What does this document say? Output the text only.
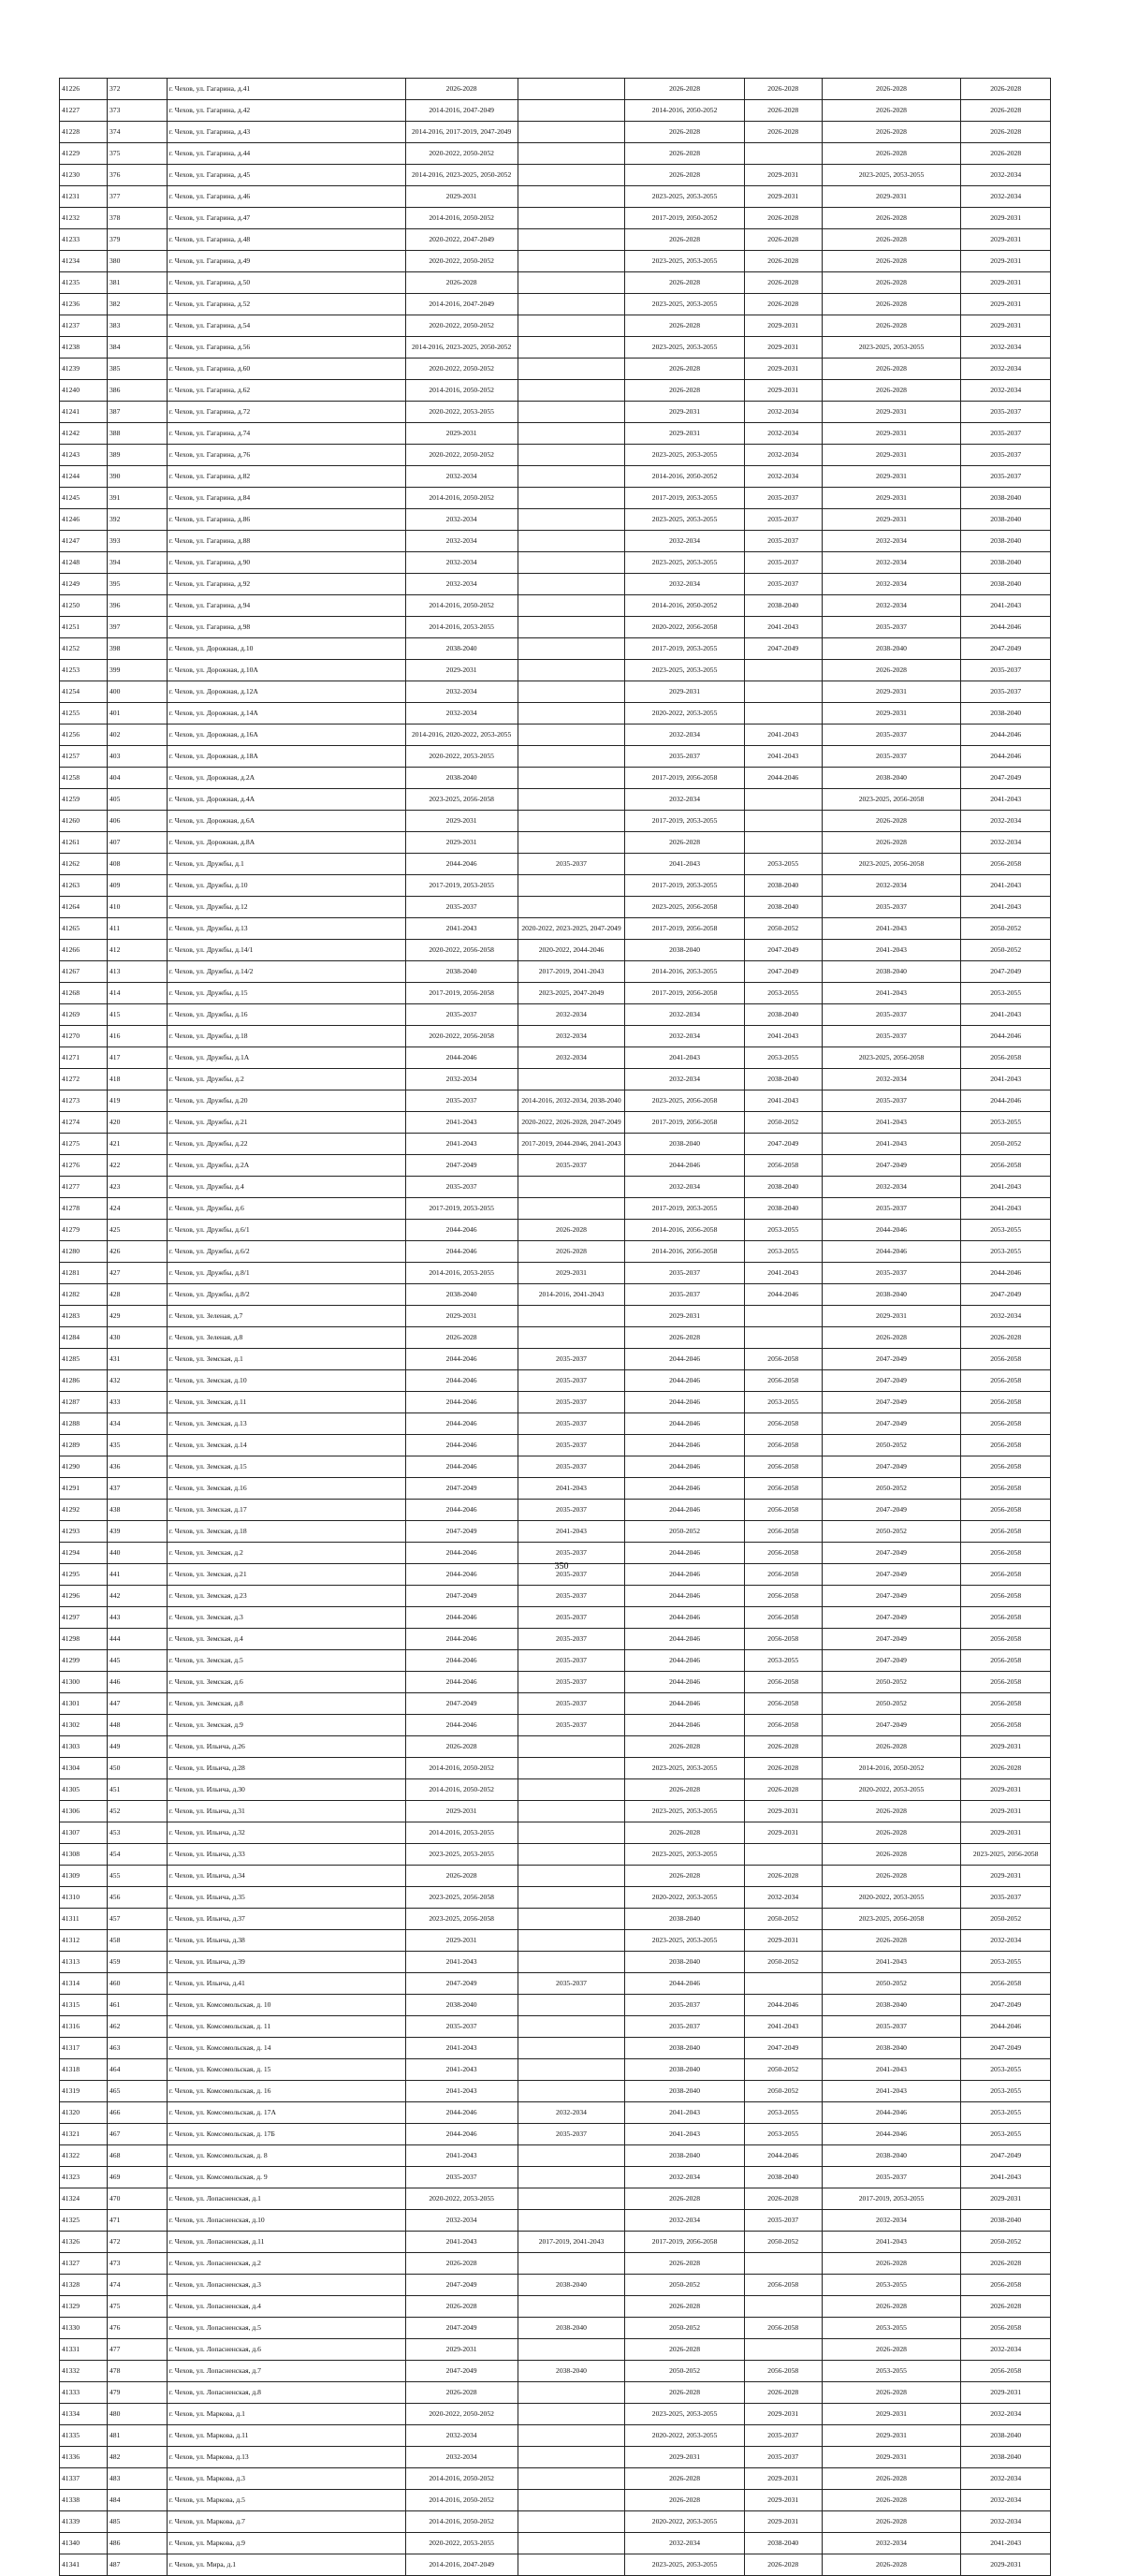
41226	372	г. Чехов, ул. Гагарина, д.41	2026-2028		2026-2028	2026-2028	2026-2028	2026-2028
41227	373	г. Чехов, ул. Гагарина, д.42	2014-2016, 2047-2049		2014-2016, 2050-2052	2026-2028	2026-2028	2026-2028
41228	374	г. Чехов, ул. Гагарина, д.43	2014-2016, 2017-2019, 2047-2049		2026-2028	2026-2028	2026-2028	2026-2028
41229	375	г. Чехов, ул. Гагарина, д.44	2020-2022, 2050-2052		2026-2028		2026-2028	2026-2028
41230	376	г. Чехов, ул. Гагарина, д.45	2014-2016, 2023-2025, 2050-2052		2026-2028	2029-2031	2023-2025, 2053-2055	2032-2034
41231	377	г. Чехов, ул. Гагарина, д.46	2029-2031		2023-2025, 2053-2055	2029-2031	2029-2031	2032-2034
41232	378	г. Чехов, ул. Гагарина, д.47	2014-2016, 2050-2052		2017-2019, 2050-2052	2026-2028	2026-2028	2029-2031
41233	379	г. Чехов, ул. Гагарина, д.48	2020-2022, 2047-2049		2026-2028	2026-2028	2026-2028	2029-2031
41234	380	г. Чехов, ул. Гагарина, д.49	2020-2022, 2050-2052		2023-2025, 2053-2055	2026-2028	2026-2028	2029-2031
41235	381	г. Чехов, ул. Гагарина, д.50	2026-2028		2026-2028	2026-2028	2026-2028	2029-2031
41236	382	г. Чехов, ул. Гагарина, д.52	2014-2016, 2047-2049		2023-2025, 2053-2055	2026-2028	2026-2028	2029-2031
41237	383	г. Чехов, ул. Гагарина, д.54	2020-2022, 2050-2052		2026-2028	2029-2031	2026-2028	2029-2031
41238	384	г. Чехов, ул. Гагарина, д.56	2014-2016, 2023-2025, 2050-2052		2023-2025, 2053-2055	2029-2031	2023-2025, 2053-2055	2032-2034
41239	385	г. Чехов, ул. Гагарина, д.60	2020-2022, 2050-2052		2026-2028	2029-2031	2026-2028	2032-2034
41240	386	г. Чехов, ул. Гагарина, д.62	2014-2016, 2050-2052		2026-2028	2029-2031	2026-2028	2032-2034
41241	387	г. Чехов, ул. Гагарина, д.72	2020-2022, 2053-2055		2029-2031	2032-2034	2029-2031	2035-2037
41242	388	г. Чехов, ул. Гагарина, д.74	2029-2031		2029-2031	2032-2034	2029-2031	2035-2037
41243	389	г. Чехов, ул. Гагарина, д.76	2020-2022, 2050-2052		2023-2025, 2053-2055	2032-2034	2029-2031	2035-2037
41244	390	г. Чехов, ул. Гагарина, д.82	2032-2034		2014-2016, 2050-2052	2032-2034	2029-2031	2035-2037
41245	391	г. Чехов, ул. Гагарина, д.84	2014-2016, 2050-2052		2017-2019, 2053-2055	2035-2037	2029-2031	2038-2040
41246	392	г. Чехов, ул. Гагарина, д.86	2032-2034		2023-2025, 2053-2055	2035-2037	2029-2031	2038-2040
41247	393	г. Чехов, ул. Гагарина, д.88	2032-2034		2032-2034	2035-2037	2032-2034	2038-2040
41248	394	г. Чехов, ул. Гагарина, д.90	2032-2034		2023-2025, 2053-2055	2035-2037	2032-2034	2038-2040
41249	395	г. Чехов, ул. Гагарина, д.92	2032-2034		2032-2034	2035-2037	2032-2034	2038-2040
41250	396	г. Чехов, ул. Гагарина, д.94	2014-2016, 2050-2052		2014-2016, 2050-2052	2038-2040	2032-2034	2041-2043
41251	397	г. Чехов, ул. Гагарина, д.98	2014-2016, 2053-2055		2020-2022, 2056-2058	2041-2043	2035-2037	2044-2046
41252	398	г. Чехов, ул. Дорожная, д.10	2038-2040		2017-2019, 2053-2055	2047-2049	2038-2040	2047-2049
41253	399	г. Чехов, ул. Дорожная, д.10А	2029-2031		2023-2025, 2053-2055		2026-2028	2035-2037
41254	400	г. Чехов, ул. Дорожная, д.12А	2032-2034		2029-2031		2029-2031	2035-2037
41255	401	г. Чехов, ул. Дорожная, д.14А	2032-2034		2020-2022, 2053-2055		2029-2031	2038-2040
41256	402	г. Чехов, ул. Дорожная, д.16А	2014-2016, 2020-2022, 2053-2055		2032-2034	2041-2043	2035-2037	2044-2046
41257	403	г. Чехов, ул. Дорожная, д.18А	2020-2022, 2053-2055		2035-2037	2041-2043	2035-2037	2044-2046
41258	404	г. Чехов, ул. Дорожная, д.2А	2038-2040		2017-2019, 2056-2058	2044-2046	2038-2040	2047-2049
41259	405	г. Чехов, ул. Дорожная, д.4А	2023-2025, 2056-2058		2032-2034		2023-2025, 2056-2058	2041-2043
41260	406	г. Чехов, ул. Дорожная, д.6А	2029-2031		2017-2019, 2053-2055		2026-2028	2032-2034
41261	407	г. Чехов, ул. Дорожная, д.8А	2029-2031		2026-2028		2026-2028	2032-2034
41262	408	г. Чехов, ул. Дружбы, д.1	2044-2046	2035-2037	2041-2043	2053-2055	2023-2025, 2056-2058	2056-2058
41263	409	г. Чехов, ул. Дружбы, д.10	2017-2019, 2053-2055		2017-2019, 2053-2055	2038-2040	2032-2034	2041-2043
41264	410	г. Чехов, ул. Дружбы, д.12	2035-2037		2023-2025, 2056-2058	2038-2040	2035-2037	2041-2043
41265	411	г. Чехов, ул. Дружбы, д.13	2041-2043	2020-2022, 2023-2025, 2047-2049	2017-2019, 2056-2058	2050-2052	2041-2043	2050-2052
41266	412	г. Чехов, ул. Дружбы, д.14/1	2020-2022, 2056-2058	2020-2022, 2044-2046	2038-2040	2047-2049	2041-2043	2050-2052
41267	413	г. Чехов, ул. Дружбы, д.14/2	2038-2040	2017-2019, 2041-2043	2014-2016, 2053-2055	2047-2049	2038-2040	2047-2049
41268	414	г. Чехов, ул. Дружбы, д.15	2017-2019, 2056-2058	2023-2025, 2047-2049	2017-2019, 2056-2058	2053-2055	2041-2043	2053-2055
41269	415	г. Чехов, ул. Дружбы, д.16	2035-2037	2032-2034	2032-2034	2038-2040	2035-2037	2041-2043
41270	416	г. Чехов, ул. Дружбы, д.18	2020-2022, 2056-2058	2032-2034	2032-2034	2041-2043	2035-2037	2044-2046
41271	417	г. Чехов, ул. Дружбы, д.1А	2044-2046	2032-2034	2041-2043	2053-2055	2023-2025, 2056-2058	2056-2058
41272	418	г. Чехов, ул. Дружбы, д.2	2032-2034		2032-2034	2038-2040	2032-2034	2041-2043
41273	419	г. Чехов, ул. Дружбы, д.20	2035-2037	2014-2016, 2032-2034, 2038-2040	2023-2025, 2056-2058	2041-2043	2035-2037	2044-2046
41274	420	г. Чехов, ул. Дружбы, д.21	2041-2043	2020-2022, 2026-2028, 2047-2049	2017-2019, 2056-2058	2050-2052	2041-2043	2053-2055
41275	421	г. Чехов, ул. Дружбы, д.22	2041-2043	2017-2019, 2044-2046, 2041-2043	2038-2040	2047-2049	2041-2043	2050-2052
41276	422	г. Чехов, ул. Дружбы, д.2А	2047-2049	2035-2037	2044-2046	2056-2058	2047-2049	2056-2058
41277	423	г. Чехов, ул. Дружбы, д.4	2035-2037		2032-2034	2038-2040	2032-2034	2041-2043
41278	424	г. Чехов, ул. Дружбы, д.6	2017-2019, 2053-2055		2017-2019, 2053-2055	2038-2040	2035-2037	2041-2043
41279	425	г. Чехов, ул. Дружбы, д.6/1	2044-2046	2026-2028	2014-2016, 2056-2058	2053-2055	2044-2046	2053-2055
41280	426	г. Чехов, ул. Дружбы, д.6/2	2044-2046	2026-2028	2014-2016, 2056-2058	2053-2055	2044-2046	2053-2055
41281	427	г. Чехов, ул. Дружбы, д.8/1	2014-2016, 2053-2055	2029-2031	2035-2037	2041-2043	2035-2037	2044-2046
41282	428	г. Чехов, ул. Дружбы, д.8/2	2038-2040	2014-2016, 2041-2043	2035-2037	2044-2046	2038-2040	2047-2049
41283	429	г. Чехов, ул. Зеленая, д.7	2029-2031		2029-2031		2029-2031	2032-2034
41284	430	г. Чехов, ул. Зеленая, д.8	2026-2028		2026-2028		2026-2028	2026-2028
41285	431	г. Чехов, ул. Земская, д.1	2044-2046	2035-2037	2044-2046	2056-2058	2047-2049	2056-2058
41286	432	г. Чехов, ул. Земская, д.10	2044-2046	2035-2037	2044-2046	2056-2058	2047-2049	2056-2058
41287	433	г. Чехов, ул. Земская, д.11	2044-2046	2035-2037	2044-2046	2053-2055	2047-2049	2056-2058
41288	434	г. Чехов, ул. Земская, д.13	2044-2046	2035-2037	2044-2046	2056-2058	2047-2049	2056-2058
41289	435	г. Чехов, ул. Земская, д.14	2044-2046	2035-2037	2044-2046	2056-2058	2050-2052	2056-2058
41290	436	г. Чехов, ул. Земская, д.15	2044-2046	2035-2037	2044-2046	2056-2058	2047-2049	2056-2058
41291	437	г. Чехов, ул. Земская, д.16	2047-2049	2041-2043	2044-2046	2056-2058	2050-2052	2056-2058
41292	438	г. Чехов, ул. Земская, д.17	2044-2046	2035-2037	2044-2046	2056-2058	2047-2049	2056-2058
41293	439	г. Чехов, ул. Земская, д.18	2047-2049	2041-2043	2050-2052	2056-2058	2050-2052	2056-2058
41294	440	г. Чехов, ул. Земская, д.2	2044-2046	2035-2037	2044-2046	2056-2058	2047-2049	2056-2058
41295	441	г. Чехов, ул. Земская, д.21	2044-2046	2035-2037	2044-2046	2056-2058	2047-2049	2056-2058
41296	442	г. Чехов, ул. Земская, д.23	2047-2049	2035-2037	2044-2046	2056-2058	2047-2049	2056-2058
41297	443	г. Чехов, ул. Земская, д.3	2044-2046	2035-2037	2044-2046	2056-2058	2047-2049	2056-2058
41298	444	г. Чехов, ул. Земская, д.4	2044-2046	2035-2037	2044-2046	2056-2058	2047-2049	2056-2058
41299	445	г. Чехов, ул. Земская, д.5	2044-2046	2035-2037	2044-2046	2053-2055	2047-2049	2056-2058
41300	446	г. Чехов, ул. Земская, д.6	2044-2046	2035-2037	2044-2046	2056-2058	2050-2052	2056-2058
41301	447	г. Чехов, ул. Земская, д.8	2047-2049	2035-2037	2044-2046	2056-2058	2050-2052	2056-2058
41302	448	г. Чехов, ул. Земская, д.9	2044-2046	2035-2037	2044-2046	2056-2058	2047-2049	2056-2058
41303	449	г. Чехов, ул. Ильича, д.26	2026-2028		2026-2028	2026-2028	2026-2028	2029-2031
41304	450	г. Чехов, ул. Ильича, д.28	2014-2016, 2050-2052		2023-2025, 2053-2055	2026-2028	2014-2016, 2050-2052	2026-2028
41305	451	г. Чехов, ул. Ильича, д.30	2014-2016, 2050-2052		2026-2028	2026-2028	2020-2022, 2053-2055	2029-2031
41306	452	г. Чехов, ул. Ильича, д.31	2029-2031		2023-2025, 2053-2055	2029-2031	2026-2028	2029-2031
41307	453	г. Чехов, ул. Ильича, д.32	2014-2016, 2053-2055		2026-2028	2029-2031	2026-2028	2029-2031
41308	454	г. Чехов, ул. Ильича, д.33	2023-2025, 2053-2055		2023-2025, 2053-2055		2026-2028	2023-2025, 2056-2058
41309	455	г. Чехов, ул. Ильича, д.34	2026-2028		2026-2028	2026-2028	2026-2028	2029-2031
41310	456	г. Чехов, ул. Ильича, д.35	2023-2025, 2056-2058		2020-2022, 2053-2055	2032-2034	2020-2022, 2053-2055	2035-2037
41311	457	г. Чехов, ул. Ильича, д.37	2023-2025, 2056-2058		2038-2040	2050-2052	2023-2025, 2056-2058	2050-2052
41312	458	г. Чехов, ул. Ильича, д.38	2029-2031		2023-2025, 2053-2055	2029-2031	2026-2028	2032-2034
41313	459	г. Чехов, ул. Ильича, д.39	2041-2043		2038-2040	2050-2052	2041-2043	2053-2055
41314	460	г. Чехов, ул. Ильича, д.41	2047-2049	2035-2037	2044-2046		2050-2052	2056-2058
41315	461	г. Чехов, ул. Комсомольская, д. 10	2038-2040		2035-2037	2044-2046	2038-2040	2047-2049
41316	462	г. Чехов, ул. Комсомольская, д. 11	2035-2037		2035-2037	2041-2043	2035-2037	2044-2046
41317	463	г. Чехов, ул. Комсомольская, д. 14	2041-2043		2038-2040	2047-2049	2038-2040	2047-2049
41318	464	г. Чехов, ул. Комсомольская, д. 15	2041-2043		2038-2040	2050-2052	2041-2043	2053-2055
41319	465	г. Чехов, ул. Комсомольская, д. 16	2041-2043		2038-2040	2050-2052	2041-2043	2053-2055
41320	466	г. Чехов, ул. Комсомольская, д. 17А	2044-2046	2032-2034	2041-2043	2053-2055	2044-2046	2053-2055
41321	467	г. Чехов, ул. Комсомольская, д. 17Б	2044-2046	2035-2037	2041-2043	2053-2055	2044-2046	2053-2055
41322	468	г. Чехов, ул. Комсомольская, д. 8	2041-2043		2038-2040	2044-2046	2038-2040	2047-2049
41323	469	г. Чехов, ул. Комсомольская, д. 9	2035-2037		2032-2034	2038-2040	2035-2037	2041-2043
41324	470	г. Чехов, ул. Лопасненская, д.1	2020-2022, 2053-2055		2026-2028	2026-2028	2017-2019, 2053-2055	2029-2031
41325	471	г. Чехов, ул. Лопасненская, д.10	2032-2034		2032-2034	2035-2037	2032-2034	2038-2040
41326	472	г. Чехов, ул. Лопасненская, д.11	2041-2043	2017-2019, 2041-2043	2017-2019, 2056-2058	2050-2052	2041-2043	2050-2052
41327	473	г. Чехов, ул. Лопасненская, д.2	2026-2028		2026-2028		2026-2028	2026-2028
41328	474	г. Чехов, ул. Лопасненская, д.3	2047-2049	2038-2040	2050-2052	2056-2058	2053-2055	2056-2058
41329	475	г. Чехов, ул. Лопасненская, д.4	2026-2028		2026-2028		2026-2028	2026-2028
41330	476	г. Чехов, ул. Лопасненская, д.5	2047-2049	2038-2040	2050-2052	2056-2058	2053-2055	2056-2058
41331	477	г. Чехов, ул. Лопасненская, д.6	2029-2031		2026-2028		2026-2028	2032-2034
41332	478	г. Чехов, ул. Лопасненская, д.7	2047-2049	2038-2040	2050-2052	2056-2058	2053-2055	2056-2058
41333	479	г. Чехов, ул. Лопасненская, д.8	2026-2028		2026-2028	2026-2028	2026-2028	2029-2031
41334	480	г. Чехов, ул. Маркова, д.1	2020-2022, 2050-2052		2023-2025, 2053-2055	2029-2031	2029-2031	2032-2034
41335	481	г. Чехов, ул. Маркова, д.11	2032-2034		2020-2022, 2053-2055	2035-2037	2029-2031	2038-2040
41336	482	г. Чехов, ул. Маркова, д.13	2032-2034		2029-2031	2035-2037	2029-2031	2038-2040
41337	483	г. Чехов, ул. Маркова, д.3	2014-2016, 2050-2052		2026-2028	2029-2031	2026-2028	2032-2034
41338	484	г. Чехов, ул. Маркова, д.5	2014-2016, 2050-2052		2026-2028	2029-2031	2026-2028	2032-2034
41339	485	г. Чехов, ул. Маркова, д.7	2014-2016, 2050-2052		2020-2022, 2053-2055	2029-2031	2026-2028	2032-2034
41340	486	г. Чехов, ул. Маркова, д.9	2020-2022, 2053-2055		2032-2034	2038-2040	2032-2034	2041-2043
41341	487	г. Чехов, ул. Мира, д.1	2014-2016, 2047-2049		2023-2025, 2053-2055	2026-2028	2026-2028	2029-2031
350
